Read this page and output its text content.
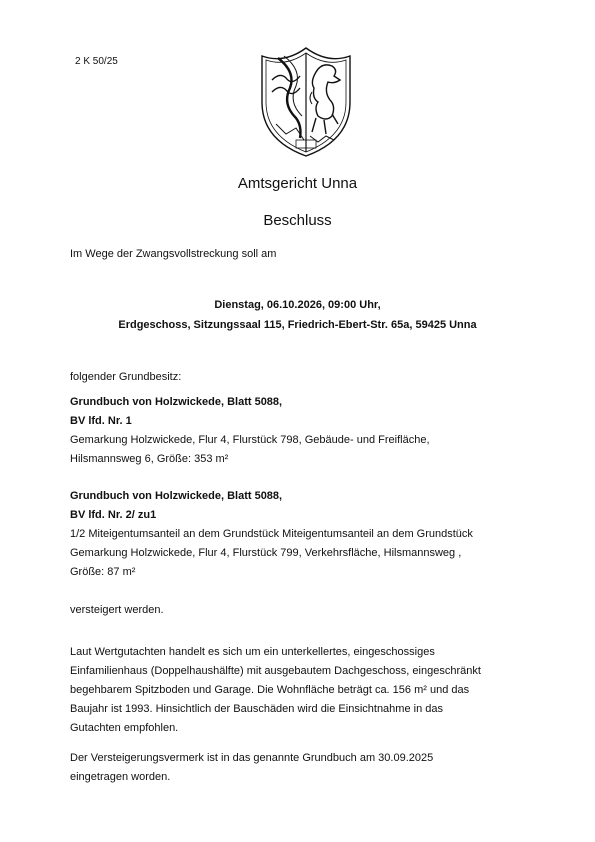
2 K 50/25
Amtsgericht Unna
Beschluss
Im Wege der Zwangsvollstreckung soll am
Dienstag, 06.10.2026, 09:00 Uhr,
Erdgeschoss, Sitzungssaal 115, Friedrich-Ebert-Str. 65a, 59425 Unna
folgender Grundbesitz:
Grundbuch von Holzwickede, Blatt 5088,
BV lfd. Nr. 1
Gemarkung Holzwickede, Flur 4, Flurstück 798, Gebäude- und Freifläche,
Hilsmannsweg 6, Größe: 353 m²
Grundbuch von Holzwickede, Blatt 5088,
BV lfd. Nr. 2/ zu1
1/2 Miteigentumsanteil an dem Grundstück Miteigentumsanteil an dem Grundstück
Gemarkung Holzwickede, Flur 4, Flurstück 799, Verkehrsfläche, Hilsmannsweg ,
Größe: 87 m²
versteigert werden.
Laut Wertgutachten handelt es sich um ein unterkellertes, eingeschossiges
Einfamilienhaus (Doppelhaushälfte) mit ausgebautem Dachgeschoss, eingeschränkt
begehbarem Spitzboden und Garage. Die Wohnfläche beträgt ca. 156 m² und das
Baujahr ist 1993. Hinsichtlich der Bauschäden wird die Einsichtnahme in das
Gutachten empfohlen.
Der Versteigerungsvermerk ist in das genannte Grundbuch am 30.09.2025
eingetragen worden.
